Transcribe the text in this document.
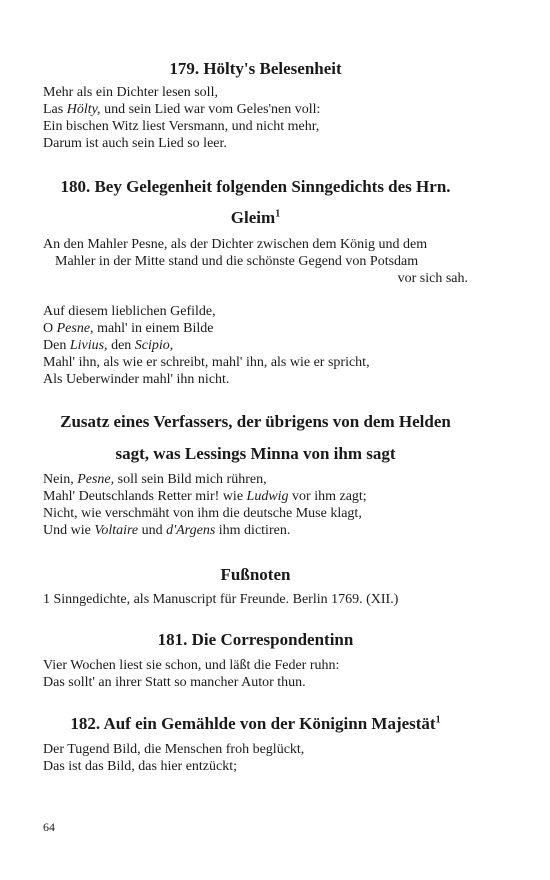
179. Hölty's Belesenheit
Mehr als ein Dichter lesen soll,
Las Hölty, und sein Lied war vom Geles'nen voll:
Ein bischen Witz liest Versmann, und nicht mehr,
Darum ist auch sein Lied so leer.
180. Bey Gelegenheit folgenden Sinngedichts des Hrn.
Gleim$^1$
An den Mahler Pesne, als der Dichter zwischen dem König und dem
Mahler in der Mitte stand und die schönste Gegend von Potsdam
vor sich sah.
Auf diesem lieblichen Gefilde,
O Pesne, mahl' in einem Bilde
Den Livius, den Scipio,
Mahl' ihn, als wie er schreibt, mahl' ihn, als wie er spricht,
Als Ueberwinder mahl' ihn nicht.
Zusatz eines Verfassers, der übrigens von dem Helden
sagt, was Lessings Minna von ihm sagt
Nein, Pesne, soll sein Bild mich rühren,
Mahl' Deutschlands Retter mir! wie Ludwig vor ihm zagt;
Nicht, wie verschmäht von ihm die deutsche Muse klagt,
Und wie Voltaire und d'Argens ihm dictiren.
Fußnoten
1 Sinngedichte, als Manuscript für Freunde. Berlin 1769. (XII.)
181. Die Correspondentinn
Vier Wochen liest sie schon, und läßt die Feder ruhn:
Das sollt' an ihrer Statt so mancher Autor thun.
182. Auf ein Gemählde von der Königinn Majestät$^1$
Der Tugend Bild, die Menschen froh beglückt,
Das ist das Bild, das hier entzückt;
64
